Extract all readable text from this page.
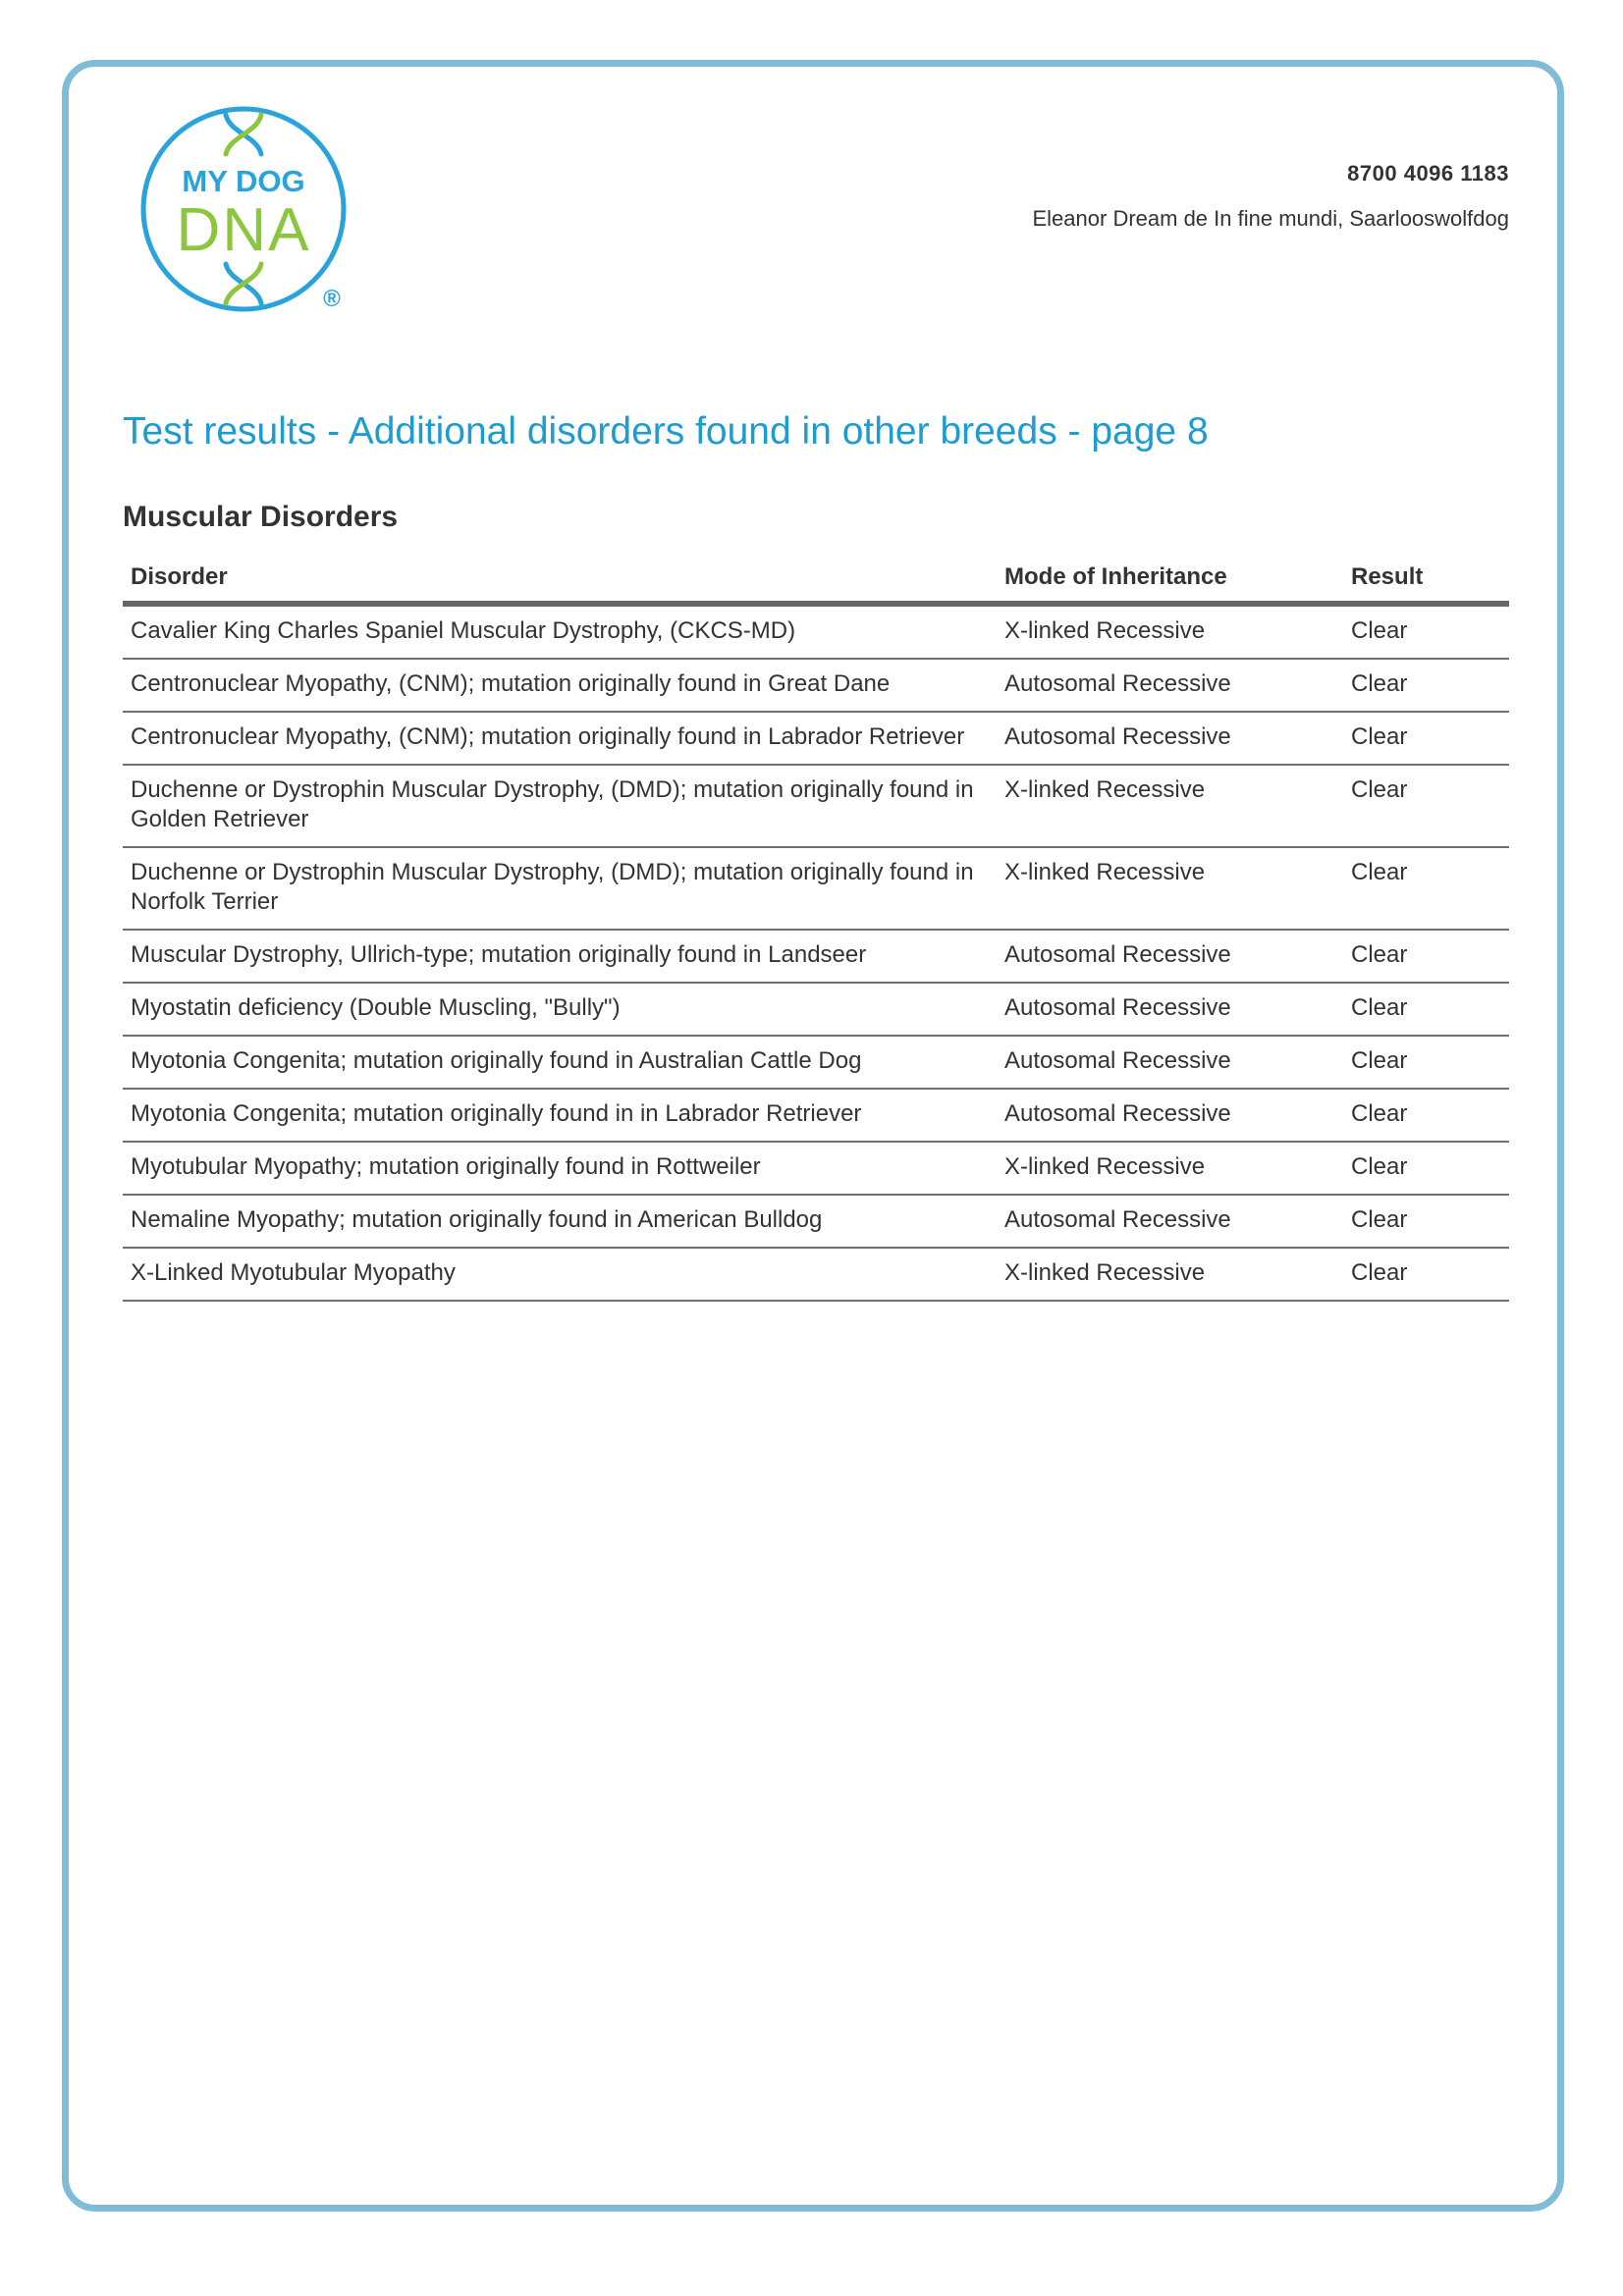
MY DOG
DNA
®
8700 4096 1183
Eleanor Dream de In fine mundi, Saarlooswolfdog
Test results - Additional disorders found in other breeds - page 8
Muscular Disorders
Disorder	Mode of Inheritance	Result
Cavalier King Charles Spaniel Muscular Dystrophy, (CKCS-MD)	X-linked Recessive	Clear
Centronuclear Myopathy, (CNM); mutation originally found in Great Dane	Autosomal Recessive	Clear
Centronuclear Myopathy, (CNM); mutation originally found in Labrador Retriever	Autosomal Recessive	Clear
Duchenne or Dystrophin Muscular Dystrophy, (DMD); mutation originally found in Golden Retriever	X-linked Recessive	Clear
Duchenne or Dystrophin Muscular Dystrophy, (DMD); mutation originally found in Norfolk Terrier	X-linked Recessive	Clear
Muscular Dystrophy, Ullrich-type; mutation originally found in Landseer	Autosomal Recessive	Clear
Myostatin deficiency (Double Muscling, "Bully")	Autosomal Recessive	Clear
Myotonia Congenita; mutation originally found in Australian Cattle Dog	Autosomal Recessive	Clear
Myotonia Congenita; mutation originally found in in Labrador Retriever	Autosomal Recessive	Clear
Myotubular Myopathy; mutation originally found in Rottweiler	X-linked Recessive	Clear
Nemaline Myopathy; mutation originally found in American Bulldog	Autosomal Recessive	Clear
X-Linked Myotubular Myopathy	X-linked Recessive	Clear
